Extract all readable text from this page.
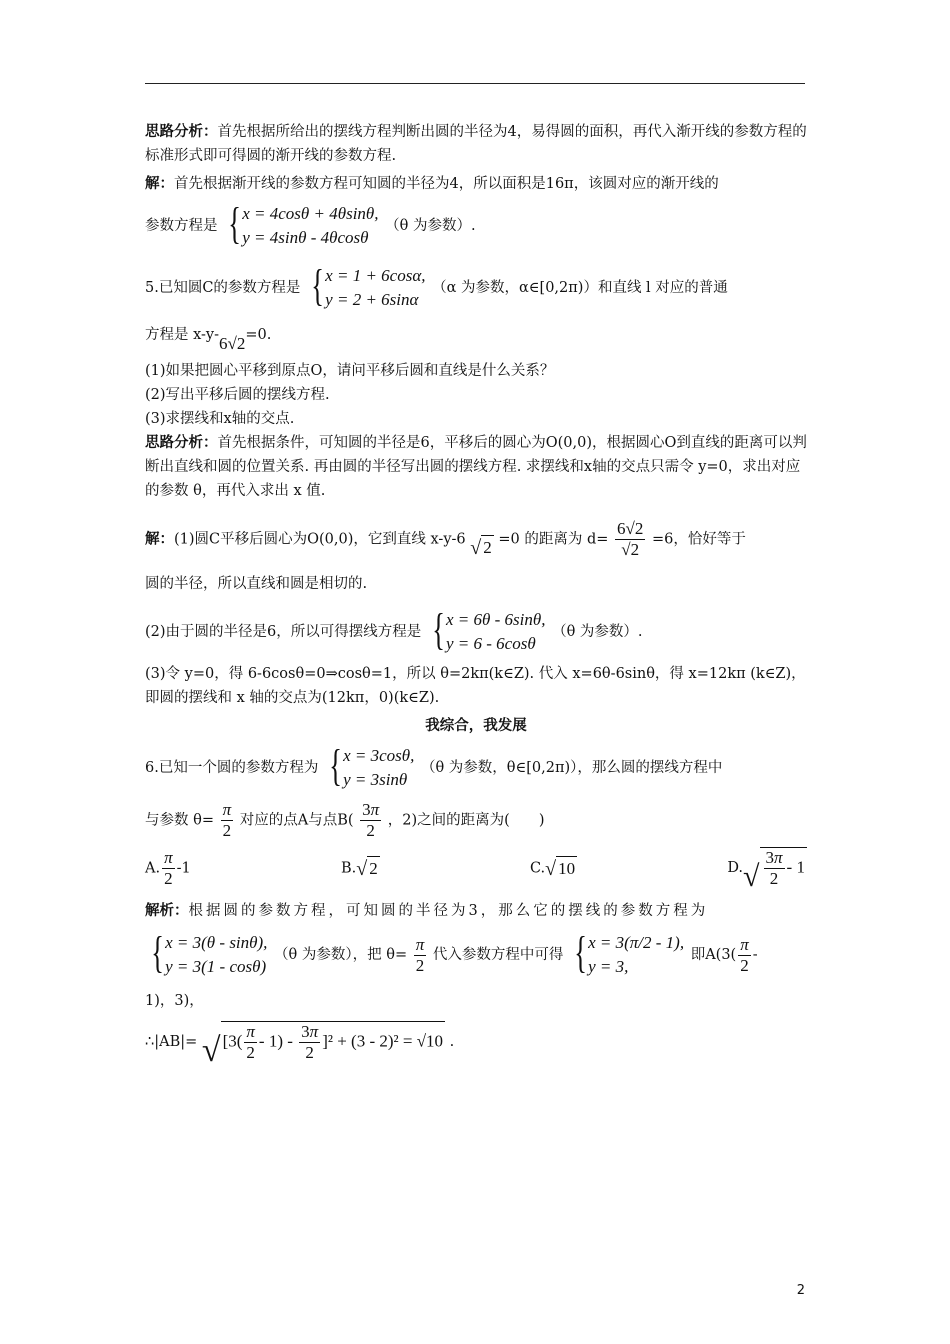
思路分析：首先根据所给出的摆线方程判断出圆的半径为4，易得圆的面积，再代入渐开线的参数方程的标准形式即可得圆的渐开线的参数方程.

解：首先根据渐开线的参数方程可知圆的半径为4，所以面积是16π，该圆对应的渐开线的

参数方程是 { x = 4cosθ + 4θsinθ,
y = 4sinθ - 4θcosθ
（θ 为参数）.

5.已知圆C的参数方程是 { x = 1 + 6cosα,
y = 2 + 6sinα
（α 为参数，α∈[0,2π)）和直线 l 对应的普通

方程是 x-y-6√2=0.

(1)如果把圆心平移到原点O，请问平移后圆和直线是什么关系？

(2)写出平移后圆的摆线方程.

(3)求摆线和x轴的交点.

思路分析：首先根据条件，可知圆的半径是6，平移后的圆心为O(0,0)，根据圆心O到直线的距离可以判断出直线和圆的位置关系. 再由圆的半径写出圆的摆线方程. 求摆线和x轴的交点只需令 y=0，求出对应的参数 θ，再代入求出 x 值.

解：(1)圆C平移后圆心为O(0,0)，它到直线 x-y-6 √ 2 =0 的距离为 $d= \frac{6√2}{√2} =6$，恰好等于

圆的半径，所以直线和圆是相切的.

(2)由于圆的半径是6，所以可得摆线方程是 { x = 6θ - 6sinθ,
y = 6 - 6cosθ
（θ 为参数）.

(3)令 y=0，得 6-6cosθ=0⇒cosθ=1，所以 θ=2kπ(k∈Z). 代入 x=6θ-6sinθ，得 x=12kπ (k∈Z)，即圆的摆线和 x 轴的交点为(12kπ，0)(k∈Z).

我综合，我发展

6.已知一个圆的参数方程为 { x = 3cosθ,
y = 3sinθ
（θ 为参数，θ∈[0,2π)），那么圆的摆线方程中

与参数 $\theta= \frac{\pi}{2}$ 对应的点A与点$B( \frac{3\pi}{2}$ ，2)之间的距离为(　　)

A. $\frac{\pi}{2} -1$	B. √ 2	C. √ 10	D. √ $\frac{3\pi}{2} - 1$

解析：根据圆的参数方程，可知圆的半径为3，那么它的摆线的参数方程为

{ x = 3(θ - sinθ),
y = 3(1 - cosθ)
（θ 为参数），把 $\theta= \frac{\pi}{2}$ 代入参数方程中可得 { x = 3(π/2 - 1),
y = 3,
即$A(3( \frac{\pi}{2}$ -

1)，3)，

∴|AB|= √ $[3( \frac{\pi}{2} - 1) - \frac{3\pi}{2} ]^2 + (3 - 2)^2 = √10$ .

2
